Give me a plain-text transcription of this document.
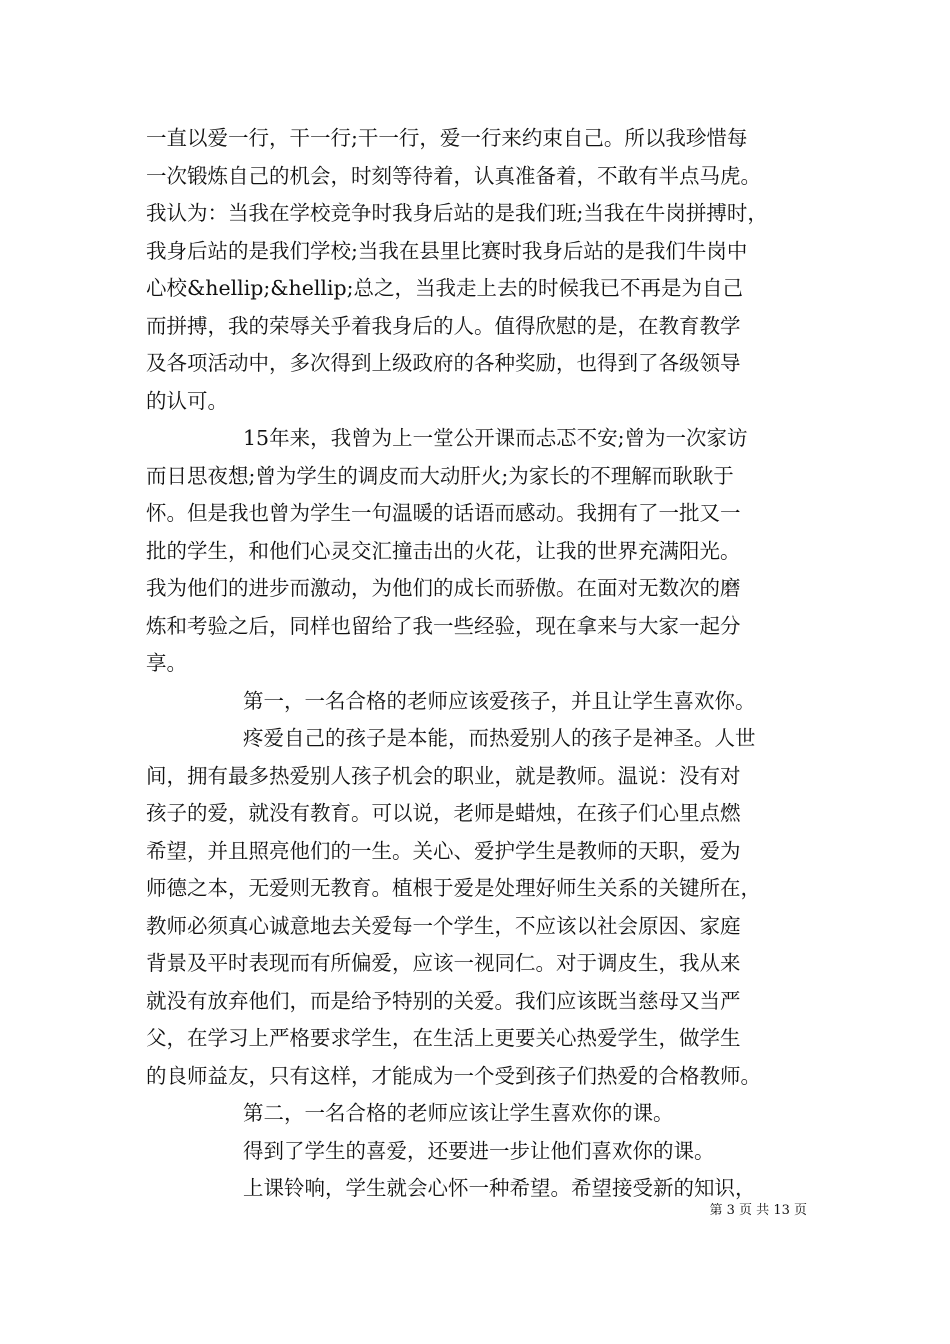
一直以爱一行，干一行;干一行，爱一行来约束自己。所以我珍惜每
一次锻炼自己的机会，时刻等待着，认真准备着，不敢有半点马虎。
我认为：当我在学校竞争时我身后站的是我们班;当我在牛岗拼搏时，
我身后站的是我们学校;当我在县里比赛时我身后站的是我们牛岗中
心校&hellip;&hellip;总之，当我走上去的时候我已不再是为自己
而拼搏，我的荣辱关乎着我身后的人。值得欣慰的是，在教育教学
及各项活动中，多次得到上级政府的各种奖励，也得到了各级领导
的认可。
15年来，我曾为上一堂公开课而忐忑不安;曾为一次家访
而日思夜想;曾为学生的调皮而大动肝火;为家长的不理解而耿耿于
怀。但是我也曾为学生一句温暖的话语而感动。我拥有了一批又一
批的学生，和他们心灵交汇撞击出的火花，让我的世界充满阳光。
我为他们的进步而激动，为他们的成长而骄傲。在面对无数次的磨
炼和考验之后，同样也留给了我一些经验，现在拿来与大家一起分
享。
第一，一名合格的老师应该爱孩子，并且让学生喜欢你。
疼爱自己的孩子是本能，而热爱别人的孩子是神圣。人世
间，拥有最多热爱别人孩子机会的职业，就是教师。温说：没有对
孩子的爱，就没有教育。可以说，老师是蜡烛，在孩子们心里点燃
希望，并且照亮他们的一生。关心、爱护学生是教师的天职，爱为
师德之本，无爱则无教育。植根于爱是处理好师生关系的关键所在，
教师必须真心诚意地去关爱每一个学生，不应该以社会原因、家庭
背景及平时表现而有所偏爱，应该一视同仁。对于调皮生，我从来
就没有放弃他们，而是给予特别的关爱。我们应该既当慈母又当严
父，在学习上严格要求学生，在生活上更要关心热爱学生，做学生
的良师益友，只有这样，才能成为一个受到孩子们热爱的合格教师。
第二，一名合格的老师应该让学生喜欢你的课。
得到了学生的喜爱，还要进一步让他们喜欢你的课。
上课铃响，学生就会心怀一种希望。希望接受新的知识，
第 3 页 共 13 页
